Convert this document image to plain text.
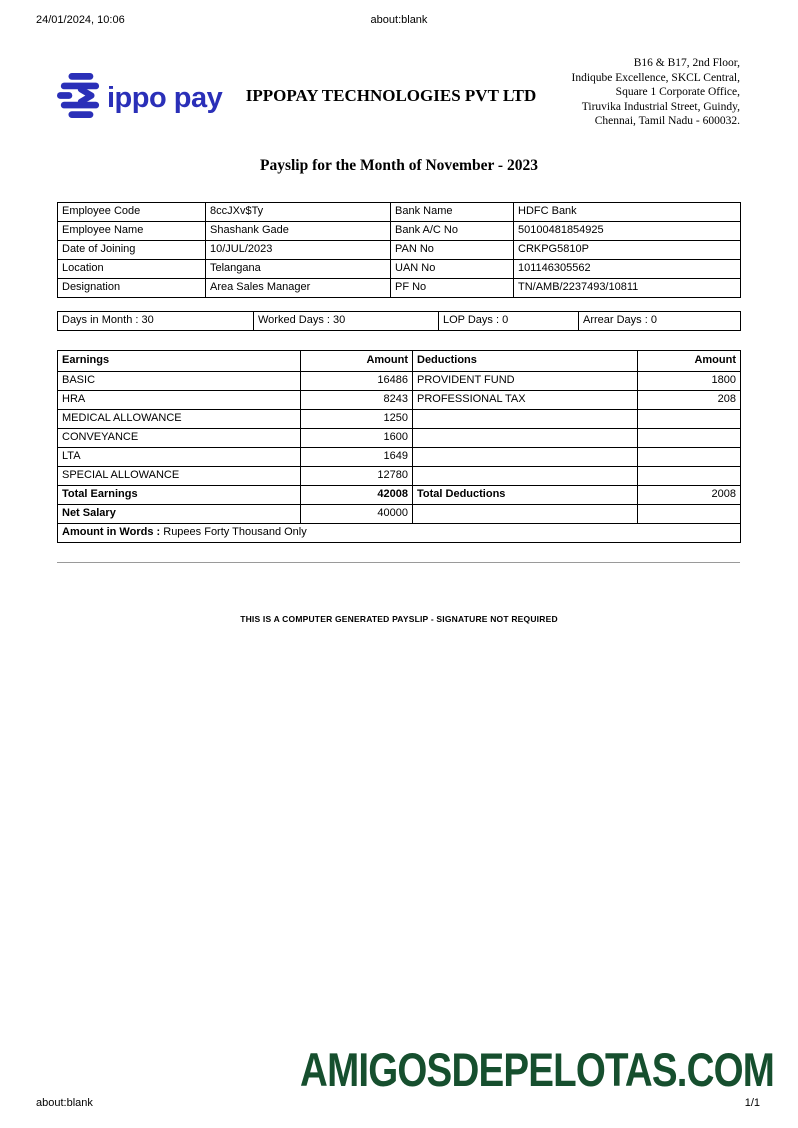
24/01/2024, 10:06	about:blank
ippo pay	IPPOPAY TECHNOLOGIES PVT LTD
B16 & B17, 2nd Floor,
Indiqube Excellence, SKCL Central,
Square 1 Corporate Office,
Tiruvika Industrial Street, Guindy,
Chennai, Tamil Nadu - 600032.
Payslip for the Month of November - 2023
Employee Code	8ccJXv$Ty	Bank Name	HDFC Bank
Employee Name	Shashank Gade	Bank A/C No	50100481854925
Date of Joining	10/JUL/2023	PAN No	CRKPG5810P
Location	Telangana	UAN No	101146305562
Designation	Area Sales Manager	PF No	TN/AMB/2237493/10811
Days in Month : 30	Worked Days : 30	LOP Days : 0	Arrear Days : 0
Earnings	Amount	Deductions	Amount
BASIC	16486	PROVIDENT FUND	1800
HRA	8243	PROFESSIONAL TAX	208
MEDICAL ALLOWANCE	1250		
CONVEYANCE	1600		
LTA	1649		
SPECIAL ALLOWANCE	12780		
Total Earnings	42008	Total Deductions	2008
Net Salary	40000		
Amount in Words : Rupees Forty Thousand Only			
THIS IS A COMPUTER GENERATED PAYSLIP - SIGNATURE NOT REQUIRED
AMIGOSDEPELOTAS.COM
about:blank	1/1
